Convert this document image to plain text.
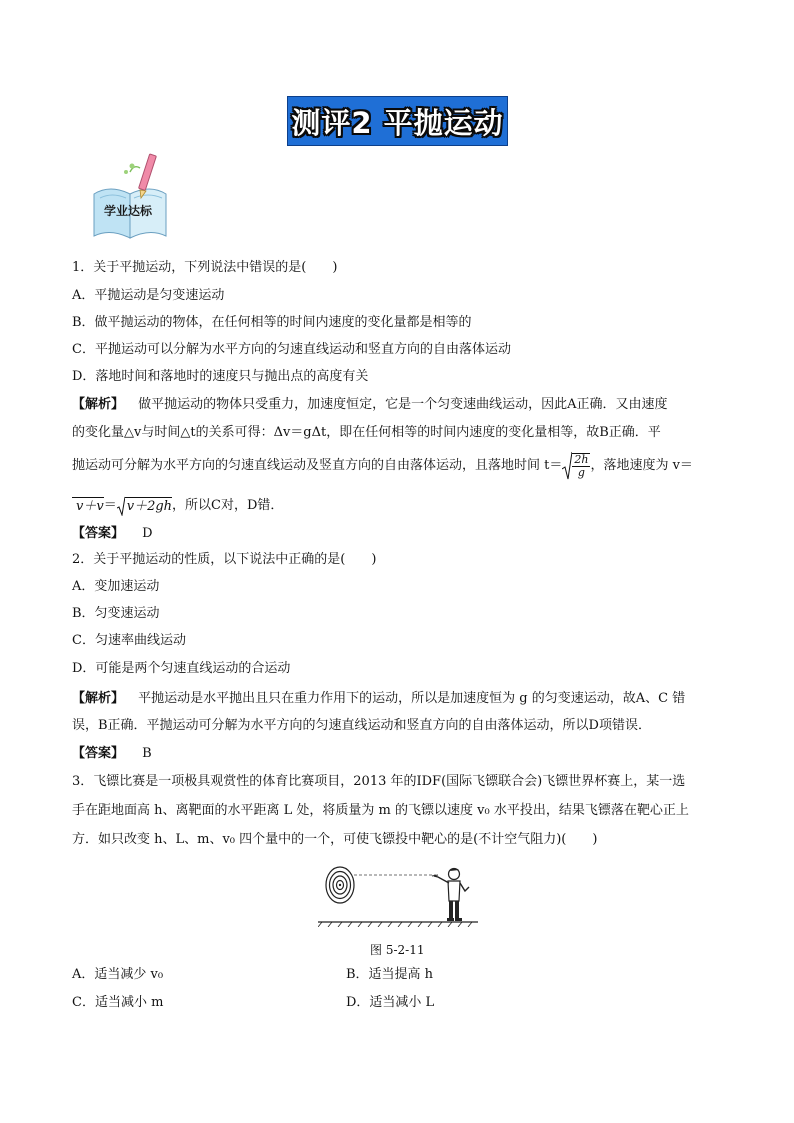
测评2 平抛运动
学业达标
1．关于平抛运动，下列说法中错误的是(　　)
A．平抛运动是匀变速运动
B．做平抛运动的物体，在任何相等的时间内速度的变化量都是相等的
C．平抛运动可以分解为水平方向的匀速直线运动和竖直方向的自由落体运动
D．落地时间和落地时的速度只与抛出点的高度有关
【解析】 做平抛运动的物体只受重力，加速度恒定，它是一个匀变速曲线运动，因此A正确．又由速度
的变化量△v与时间△t的关系可得：Δv＝gΔt，即在任何相等的时间内速度的变化量相等，故B正确．平
抛运动可分解为水平方向的匀速直线运动及竖直方向的自由落体运动，且落地时间 $t= \frac{2h}{g}$ ，落地速度为 v＝
v＋v ＝ v＋2gh ，所以C对，D错．
【答案】 D
2．关于平抛运动的性质，以下说法中正确的是(　　)
A．变加速运动
B．匀变速运动
C．匀速率曲线运动
D．可能是两个匀速直线运动的合运动
【解析】 平抛运动是水平抛出且只在重力作用下的运动，所以是加速度恒为 g 的匀变速运动，故A、C 错
误，B正确．平抛运动可分解为水平方向的匀速直线运动和竖直方向的自由落体运动，所以D项错误．
【答案】 B
3．飞镖比赛是一项极具观赏性的体育比赛项目，2013 年的IDF(国际飞镖联合会)飞镖世界杯赛上，某一选
手在距地面高 h、离靶面的水平距离 L 处，将质量为 m 的飞镖以速度 v₀ 水平投出，结果飞镖落在靶心正上
方．如只改变 h、L、m、v₀ 四个量中的一个，可使飞镖投中靶心的是(不计空气阻力)(　　)
图 5-2-11
A．适当减少 v₀	B．适当提高 h
C．适当减小 m	D．适当减小 L
